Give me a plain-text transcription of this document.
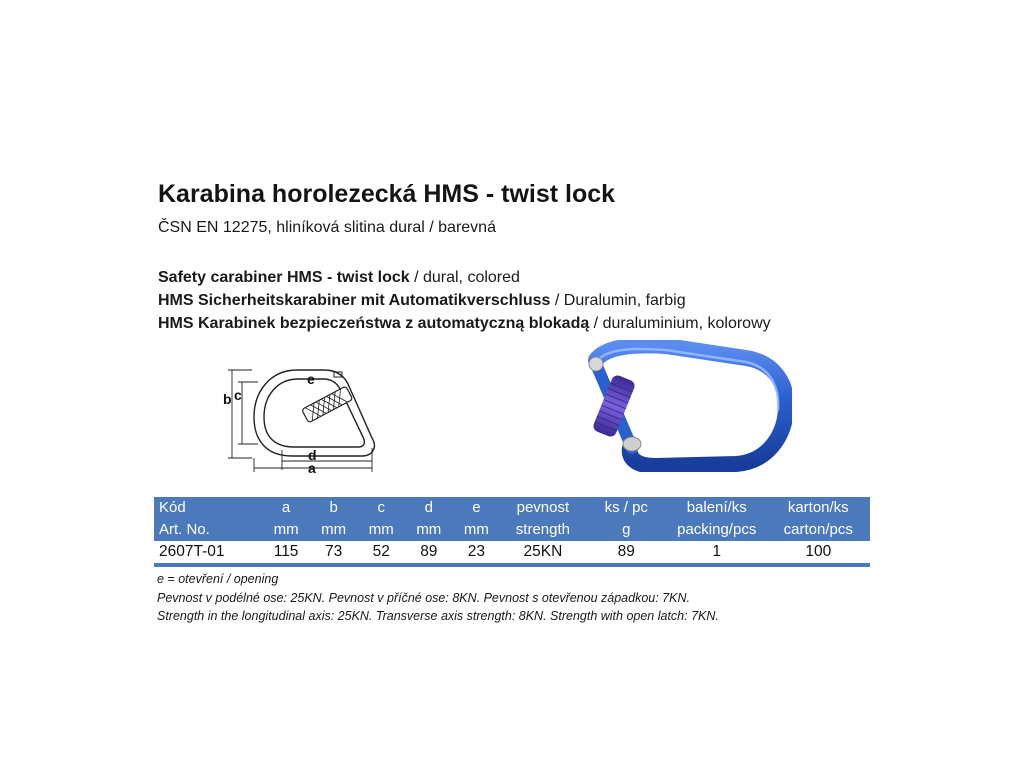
Karabina horolezecká HMS - twist lock
ČSN EN 12275, hliníková slitina dural / barevná
Safety carabiner HMS - twist lock / dural, colored
HMS Sicherheitskarabiner mit Automatikverschluss / Duralumin, farbig
HMS Karabinek bezpieczeństwa z automatyczną blokadą / duraluminium, kolorowy
b c
e
d
a
HTPM EN 12275 25 kN
Kód	a	b	c	d	e	pevnost	ks / pc	balení/ks	karton/ks
Art. No.	mm	mm	mm	mm	mm	strength	g	packing/pcs	carton/pcs
2607T-01	115	73	52	89	23	25KN	89	1	100
e = otevření / opening
Pevnost v podélné ose: 25KN. Pevnost v příčné ose: 8KN. Pevnost s otevřenou západkou: 7KN.
Strength in the longitudinal axis: 25KN. Transverse axis strength: 8KN. Strength with open latch: 7KN.
